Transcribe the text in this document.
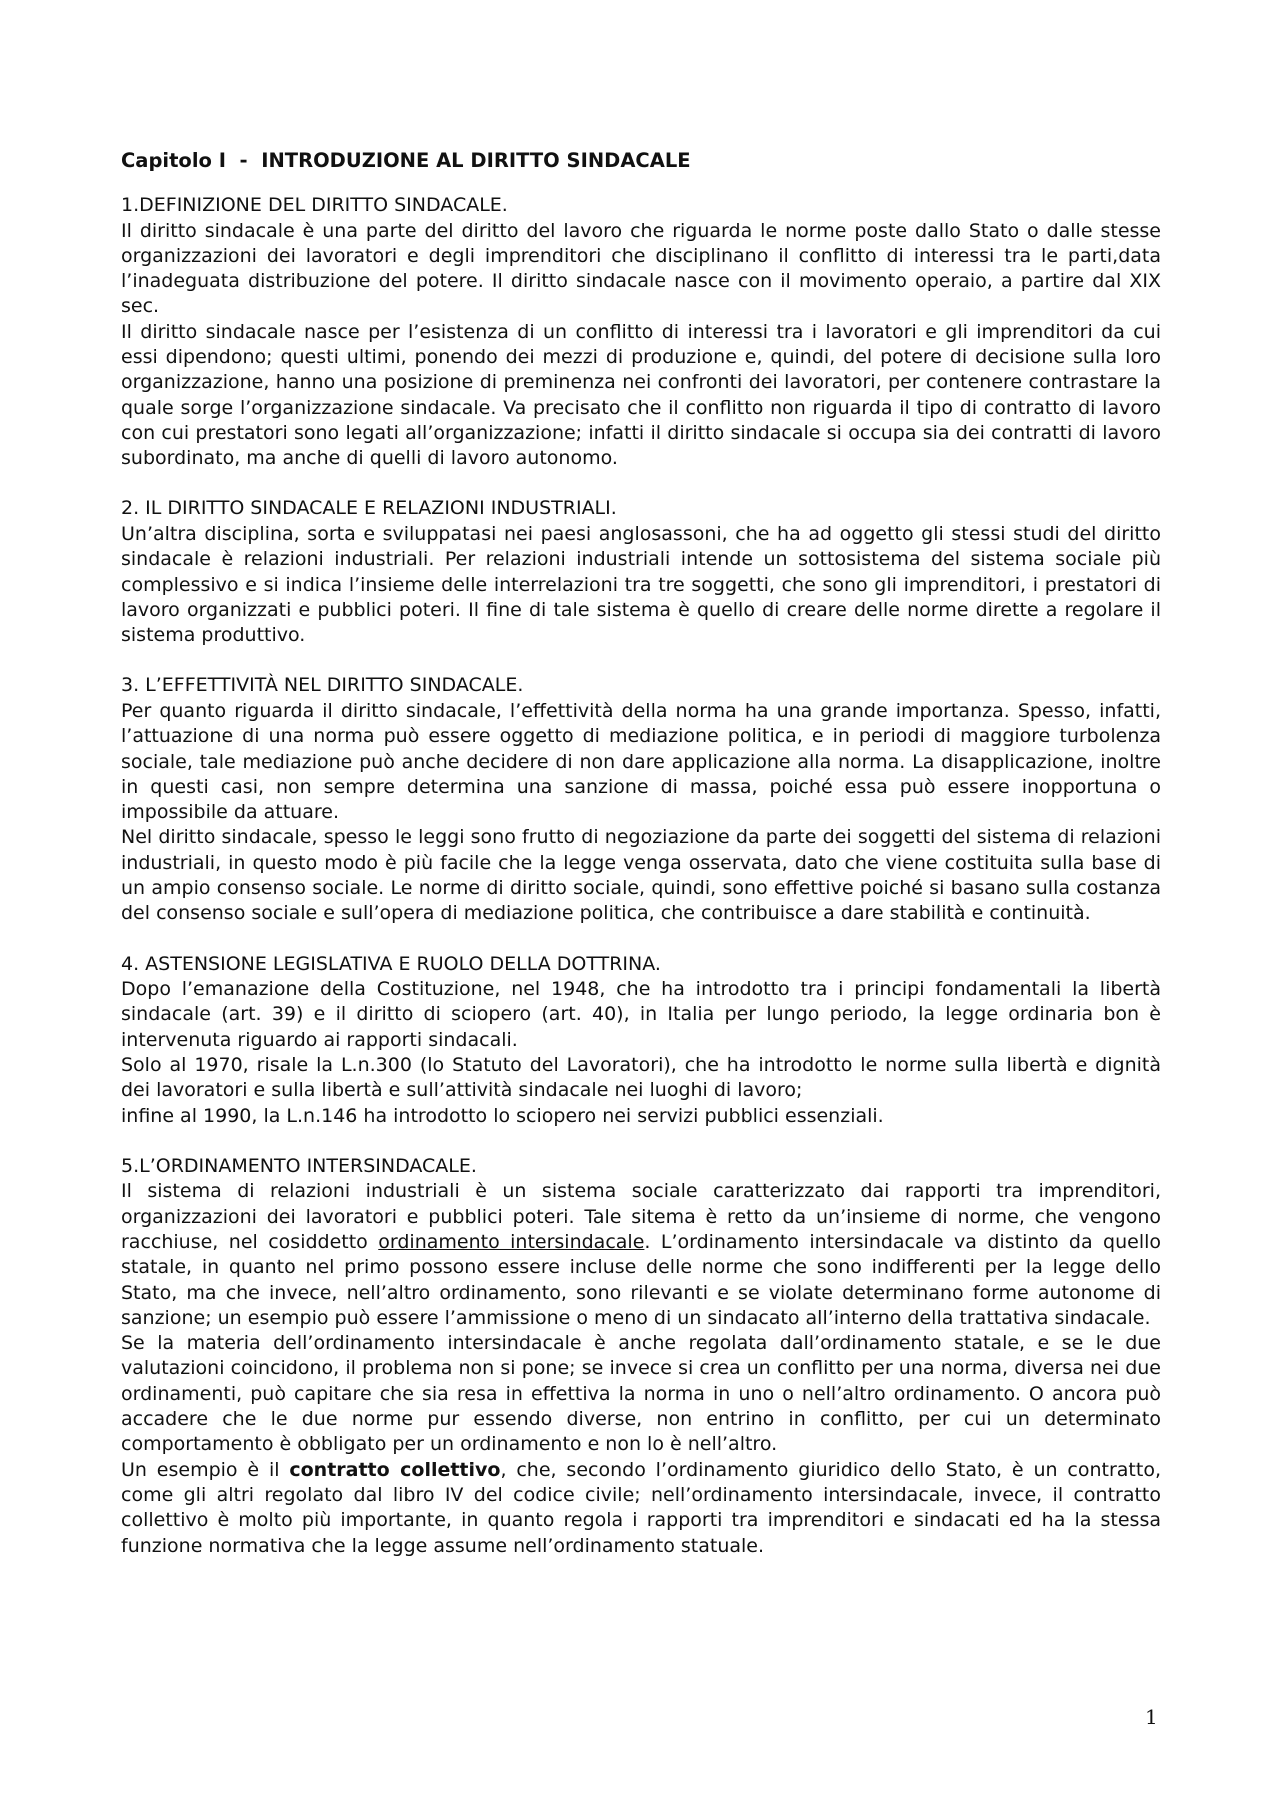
Capitolo I  -  INTRODUZIONE AL DIRITTO SINDACALE
1.DEFINIZIONE DEL DIRITTO SINDACALE.

Il diritto sindacale è una parte del diritto del lavoro che riguarda le norme poste dallo Stato o dalle stesse organizzazioni dei lavoratori e degli imprenditori che disciplinano il conflitto di interessi tra le parti,data l’inadeguata distribuzione del potere. Il diritto sindacale nasce con il movimento operaio, a partire dal XIX sec.

Il diritto sindacale nasce per l’esistenza di un conflitto di interessi tra i lavoratori e gli imprenditori da cui essi dipendono; questi ultimi, ponendo dei mezzi di produzione e, quindi, del potere di decisione sulla loro organizzazione, hanno una posizione di preminenza nei confronti dei lavoratori, per contenere contrastare la quale sorge l’organizzazione sindacale. Va precisato che il conflitto non riguarda il tipo di contratto di lavoro con cui prestatori sono legati all’organizzazione; infatti il diritto sindacale si occupa sia dei contratti di lavoro subordinato, ma anche di quelli di lavoro autonomo.

2. IL DIRITTO SINDACALE E RELAZIONI INDUSTRIALI.

Un’altra disciplina, sorta e sviluppatasi nei paesi anglosassoni, che ha ad oggetto gli stessi studi del diritto sindacale è relazioni industriali. Per relazioni industriali intende un sottosistema del sistema sociale più complessivo e si indica l’insieme delle interrelazioni tra tre soggetti, che sono gli imprenditori, i prestatori di lavoro organizzati e pubblici poteri. Il fine di tale sistema è quello di creare delle norme dirette a regolare il sistema produttivo.

3. L’EFFETTIVITÀ NEL DIRITTO SINDACALE.

Per quanto riguarda il diritto sindacale, l’effettività della norma ha una grande importanza. Spesso, infatti, l’attuazione di una norma può essere oggetto di mediazione politica, e in periodi di maggiore turbolenza sociale, tale mediazione può anche decidere di non dare applicazione alla norma. La disapplicazione, inoltre in questi casi, non sempre determina una sanzione di massa, poiché essa può essere inopportuna o impossibile da attuare.

Nel diritto sindacale, spesso le leggi sono frutto di negoziazione da parte dei soggetti del sistema di relazioni industriali, in questo modo è più facile che la legge venga osservata, dato che viene costituita sulla base di un ampio consenso sociale. Le norme di diritto sociale, quindi, sono effettive poiché si basano sulla costanza del consenso sociale e sull’opera di mediazione politica, che contribuisce a dare stabilità e continuità.

4. ASTENSIONE LEGISLATIVA E RUOLO DELLA DOTTRINA.

Dopo l’emanazione della Costituzione, nel 1948, che ha introdotto tra i principi fondamentali la libertà sindacale (art. 39) e il diritto di sciopero (art. 40), in Italia per lungo periodo, la legge ordinaria bon è intervenuta riguardo ai rapporti sindacali.

Solo al 1970, risale la L.n.300 (lo Statuto del Lavoratori), che ha introdotto le norme sulla libertà e dignità dei lavoratori e sulla libertà e sull’attività sindacale nei luoghi di lavoro;

infine al 1990, la L.n.146 ha introdotto lo sciopero nei servizi pubblici essenziali.

5.L’ORDINAMENTO INTERSINDACALE.

Il sistema di relazioni industriali è un sistema sociale caratterizzato dai rapporti tra imprenditori, organizzazioni dei lavoratori e pubblici poteri. Tale sitema è retto da un’insieme di norme, che vengono racchiuse, nel cosiddetto ordinamento intersindacale. L’ordinamento intersindacale va distinto da quello statale, in quanto nel primo possono essere incluse delle norme che sono indifferenti per la legge dello Stato, ma che invece, nell’altro ordinamento, sono rilevanti e se violate determinano forme autonome di sanzione; un esempio può essere l’ammissione o meno di un sindacato all’interno della trattativa sindacale.

Se la materia dell’ordinamento intersindacale è anche regolata dall’ordinamento statale, e se le due valutazioni coincidono, il problema non si pone; se invece si crea un conflitto per una norma, diversa nei due ordinamenti, può capitare che sia resa in effettiva la norma in uno o nell’altro ordinamento. O ancora può accadere che le due norme pur essendo diverse, non entrino in conflitto, per cui un determinato comportamento è obbligato per un ordinamento e non lo è nell’altro.

Un esempio è il contratto collettivo, che, secondo l’ordinamento giuridico dello Stato, è un contratto, come gli altri regolato dal libro IV del codice civile; nell’ordinamento intersindacale, invece, il contratto collettivo è molto più importante, in quanto regola i rapporti tra imprenditori e sindacati ed ha la stessa funzione normativa che la legge assume nell’ordinamento statuale.

1
